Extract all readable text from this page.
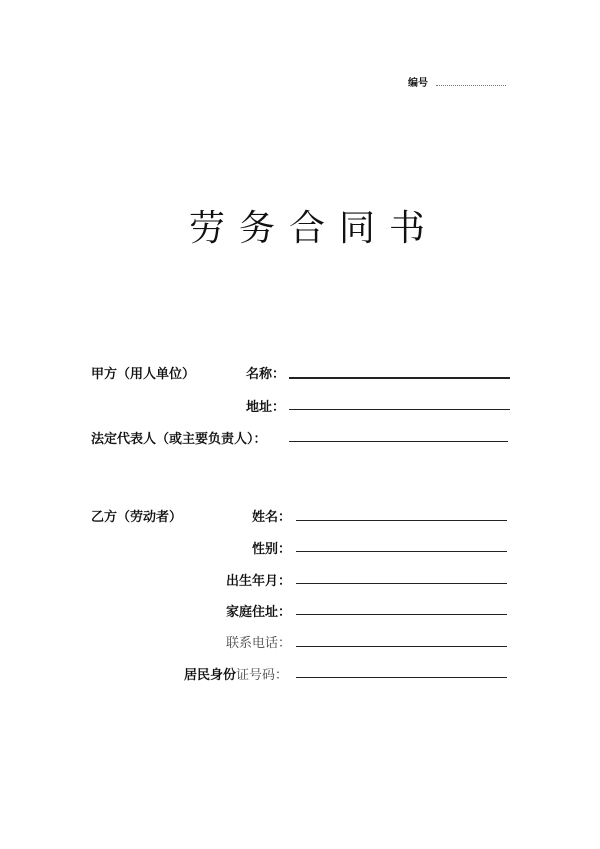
编号
劳务合同书
甲方（用人单位）	名称：
地址：
法定代表人（或主要负责人）：
乙方（劳动者）	姓名：
性别：
出生年月：
家庭住址：
联系电话：
居民身份证号码：
